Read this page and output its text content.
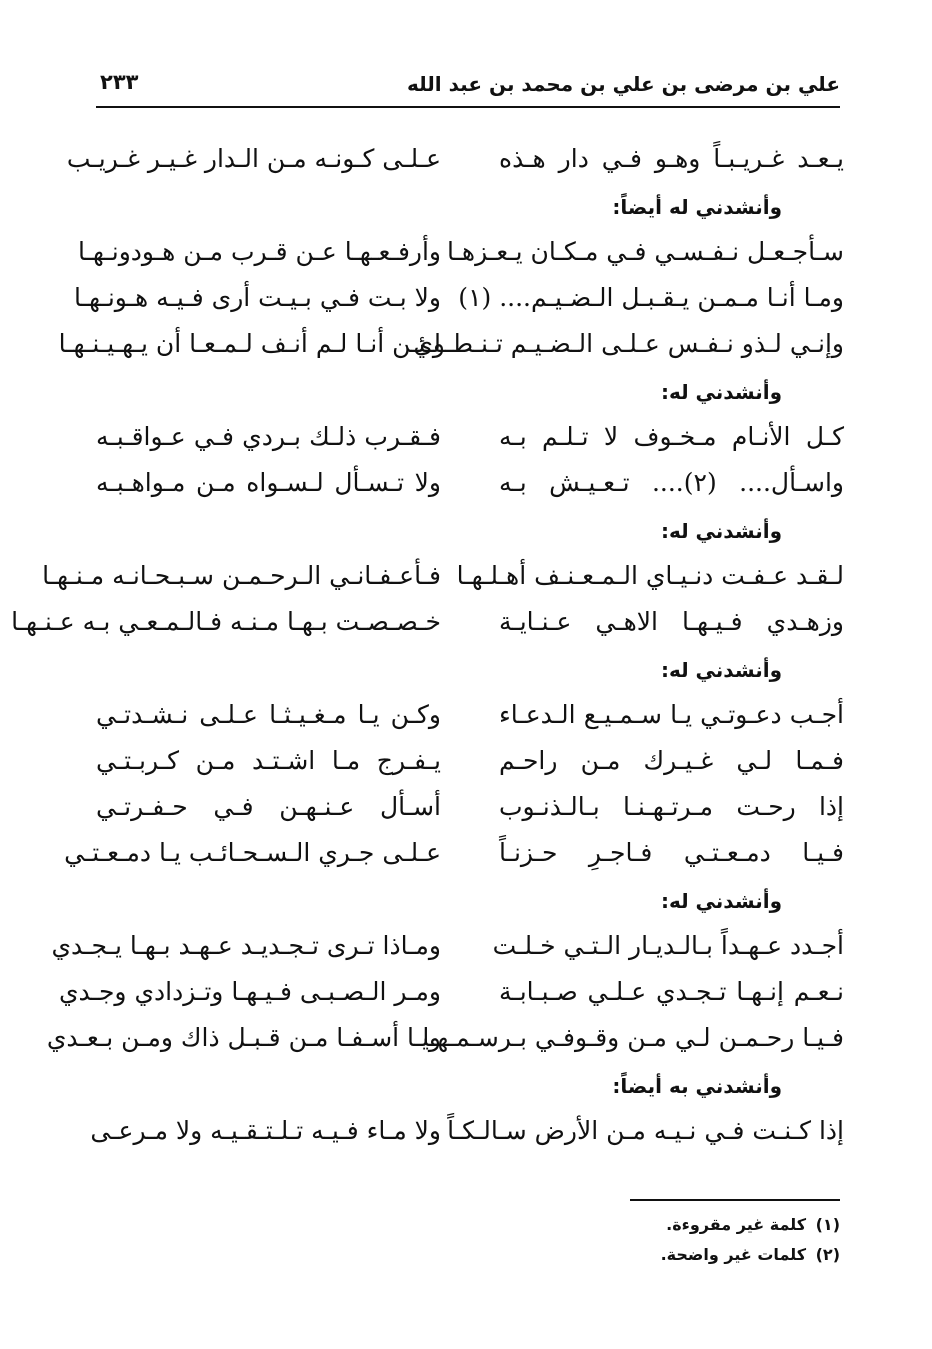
علي بن مرضى بن علي بن محمد بن عبد الله
٢٣٣
يـعـد غـريـبـاً وهـو فـي دار هـذه
عـلـى كـونـه مـن الـدار غـيـر غـريـب
وأنشدني له أيضاً:
سـأجـعـل نـفـسـي فـي مـكـان يـعـزهـا
وأرفـعـهـا عـن قـرب مـن هـودونـهـا
ومـا أنـا مـمـن يـقـبـل الـضـيـم.... (١)
ولا بـت فـي بـيـت أرى فـيـه هـونـهـا
وإنـي لـذو نـفـس عـلـى الـضـيـم تـنـطـوي
لـئـن أنـا لـم أنـف لـمـعـا أن يـهـيـنـهـا
وأنشدني له:
كـل الأنـام مـخـوف لا تـلـم بـه
فـقـرب ذلـك بـردي فـي عـواقـبـه
واسـأل.... (٢).... تـعـيـش بـه
ولا تـسـأل لـسـواه مـن مـواهـبـه
وأنشدني له:
لـقـد عـفـت دنـيـاي الـمـعـنـف أهـلـهـا
فـأعـفـانـي الـرحـمـن سـبـحـانـه مـنـهـا
وزهـدي فـيـهـا الاهـي عـنـايـة
خـصـصـت بـهـا مـنـه فـالـمـعـي بـه عـنـهـا
وأنشدني له:
أجـب دعـوتـي يـا سـمـيـع الـدعـاء
وكـن يـا مـغـيـثـا عـلـى نـشـدتـي
فـمـا لـي غـيـرك مـن راحـم
يـفـرج مـا اشـتـد مـن كـربـتـي
إذا رحـت مـرتـهـنـا بـالـذنـوب
أسـأل عـنـهـن فـي حـفـرتـي
فـيـا دمـعـتـي فـاجـرِ حـزنـاً
عـلـى جـري الـسـحـائـب يـا دمـعـتـي
وأنشدني له:
أجـدد عـهـداً بـالـديـار الـتـي خـلـت
ومـاذا تـرى تـجـديـد عـهـد بـهـا يـجـدي
نـعـم إنـهـا تـجـدي عـلـي صـبـابـة
ومـر الـصـبـى فـيـهـا وتـزدادي وجـدي
فـيـا رحـمـن لـي مـن وقـوفـي بـرسـمـهـا
ويـا أسـفـا مـن قـبـل ذاك ومـن بـعـدي
وأنشدني به أيضاً:
إذا كـنـت فـي نـيـه مـن الأرض سـالـكـاً
ولا مـاء فـيـه تـلـتـقـيـه ولا مـرعـى
(١)كلمة غير مقروءة.
(٢)كلمات غير واضحة.
